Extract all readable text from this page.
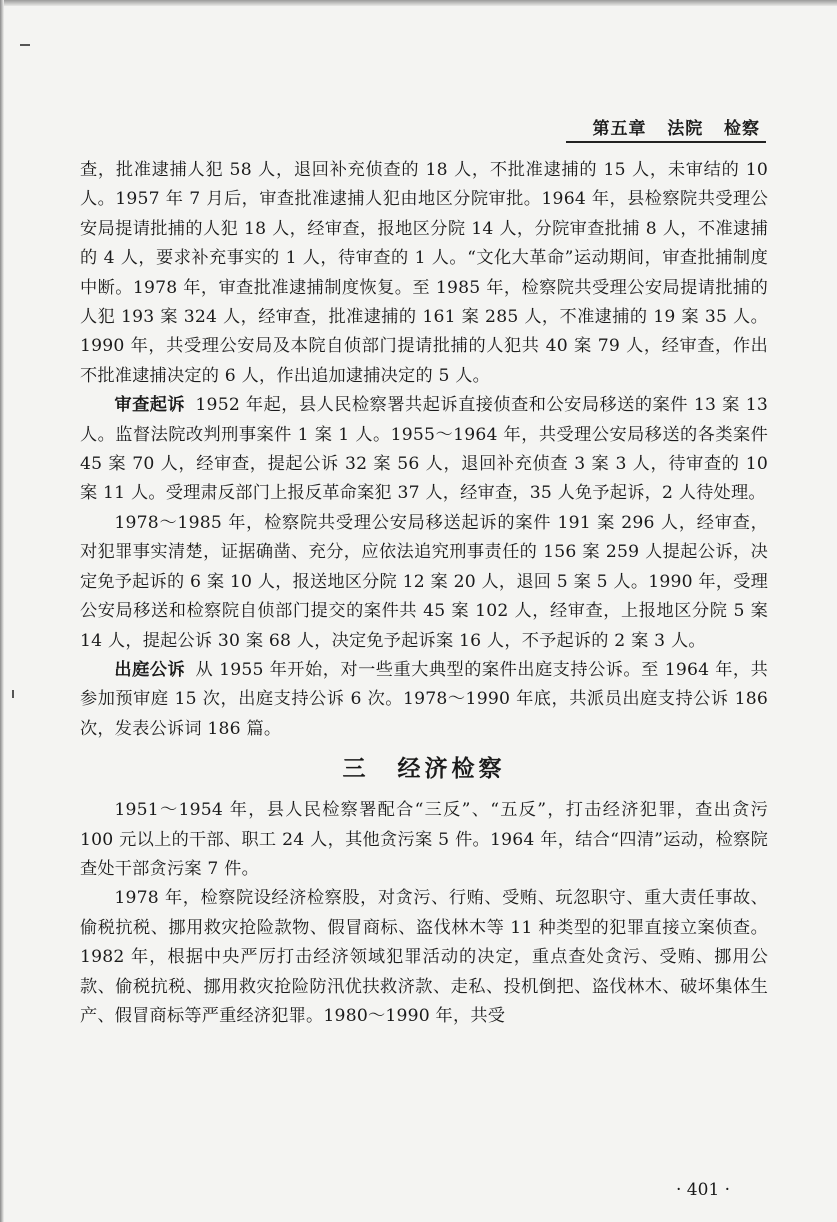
第五章   法院   检察

查，批准逮捕人犯 58 人，退回补充侦查的 18 人，不批准逮捕的 15 人，未审结的 10 人。1957 年 7 月后，审查批准逮捕人犯由地区分院审批。1964 年，县检察院共受理公安局提请批捕的人犯 18 人，经审查，报地区分院 14 人，分院审查批捕 8 人，不准逮捕的 4 人，要求补充事实的 1 人，待审查的 1 人。“文化大革命”运动期间，审查批捕制度中断。1978 年，审查批准逮捕制度恢复。至 1985 年，检察院共受理公安局提请批捕的人犯 193 案 324 人，经审查，批准逮捕的 161 案 285 人，不准逮捕的 19 案 35 人。1990 年，共受理公安局及本院自侦部门提请批捕的人犯共 40 案 79 人，经审查，作出不批准逮捕决定的 6 人，作出追加逮捕决定的 5 人。

审查起诉 1952 年起，县人民检察署共起诉直接侦查和公安局移送的案件 13 案 13 人。监督法院改判刑事案件 1 案 1 人。1955～1964 年，共受理公安局移送的各类案件 45 案 70 人，经审查，提起公诉 32 案 56 人，退回补充侦查 3 案 3 人，待审查的 10 案 11 人。受理肃反部门上报反革命案犯 37 人，经审查，35 人免予起诉，2 人待处理。

1978～1985 年，检察院共受理公安局移送起诉的案件 191 案 296 人，经审查，对犯罪事实清楚，证据确凿、充分，应依法追究刑事责任的 156 案 259 人提起公诉，决定免予起诉的 6 案 10 人，报送地区分院 12 案 20 人，退回 5 案 5 人。1990 年，受理公安局移送和检察院自侦部门提交的案件共 45 案 102 人，经审查，上报地区分院 5 案 14 人，提起公诉 30 案 68 人，决定免予起诉案 16 人，不予起诉的 2 案 3 人。

出庭公诉 从 1955 年开始，对一些重大典型的案件出庭支持公诉。至 1964 年，共参加预审庭 15 次，出庭支持公诉 6 次。1978～1990 年底，共派员出庭支持公诉 186 次，发表公诉词 186 篇。

三 经济检察

1951～1954 年，县人民检察署配合“三反”、“五反”，打击经济犯罪，查出贪污 100 元以上的干部、职工 24 人，其他贪污案 5 件。1964 年，结合“四清”运动，检察院查处干部贪污案 7 件。

1978 年，检察院设经济检察股，对贪污、行贿、受贿、玩忽职守、重大责任事故、偷税抗税、挪用救灾抢险款物、假冒商标、盗伐林木等 11 种类型的犯罪直接立案侦查。1982 年，根据中央严厉打击经济领域犯罪活动的决定，重点查处贪污、受贿、挪用公款、偷税抗税、挪用救灾抢险防汛优扶救济款、走私、投机倒把、盗伐林木、破坏集体生产、假冒商标等严重经济犯罪。1980～1990 年，共受

· 401 ·
